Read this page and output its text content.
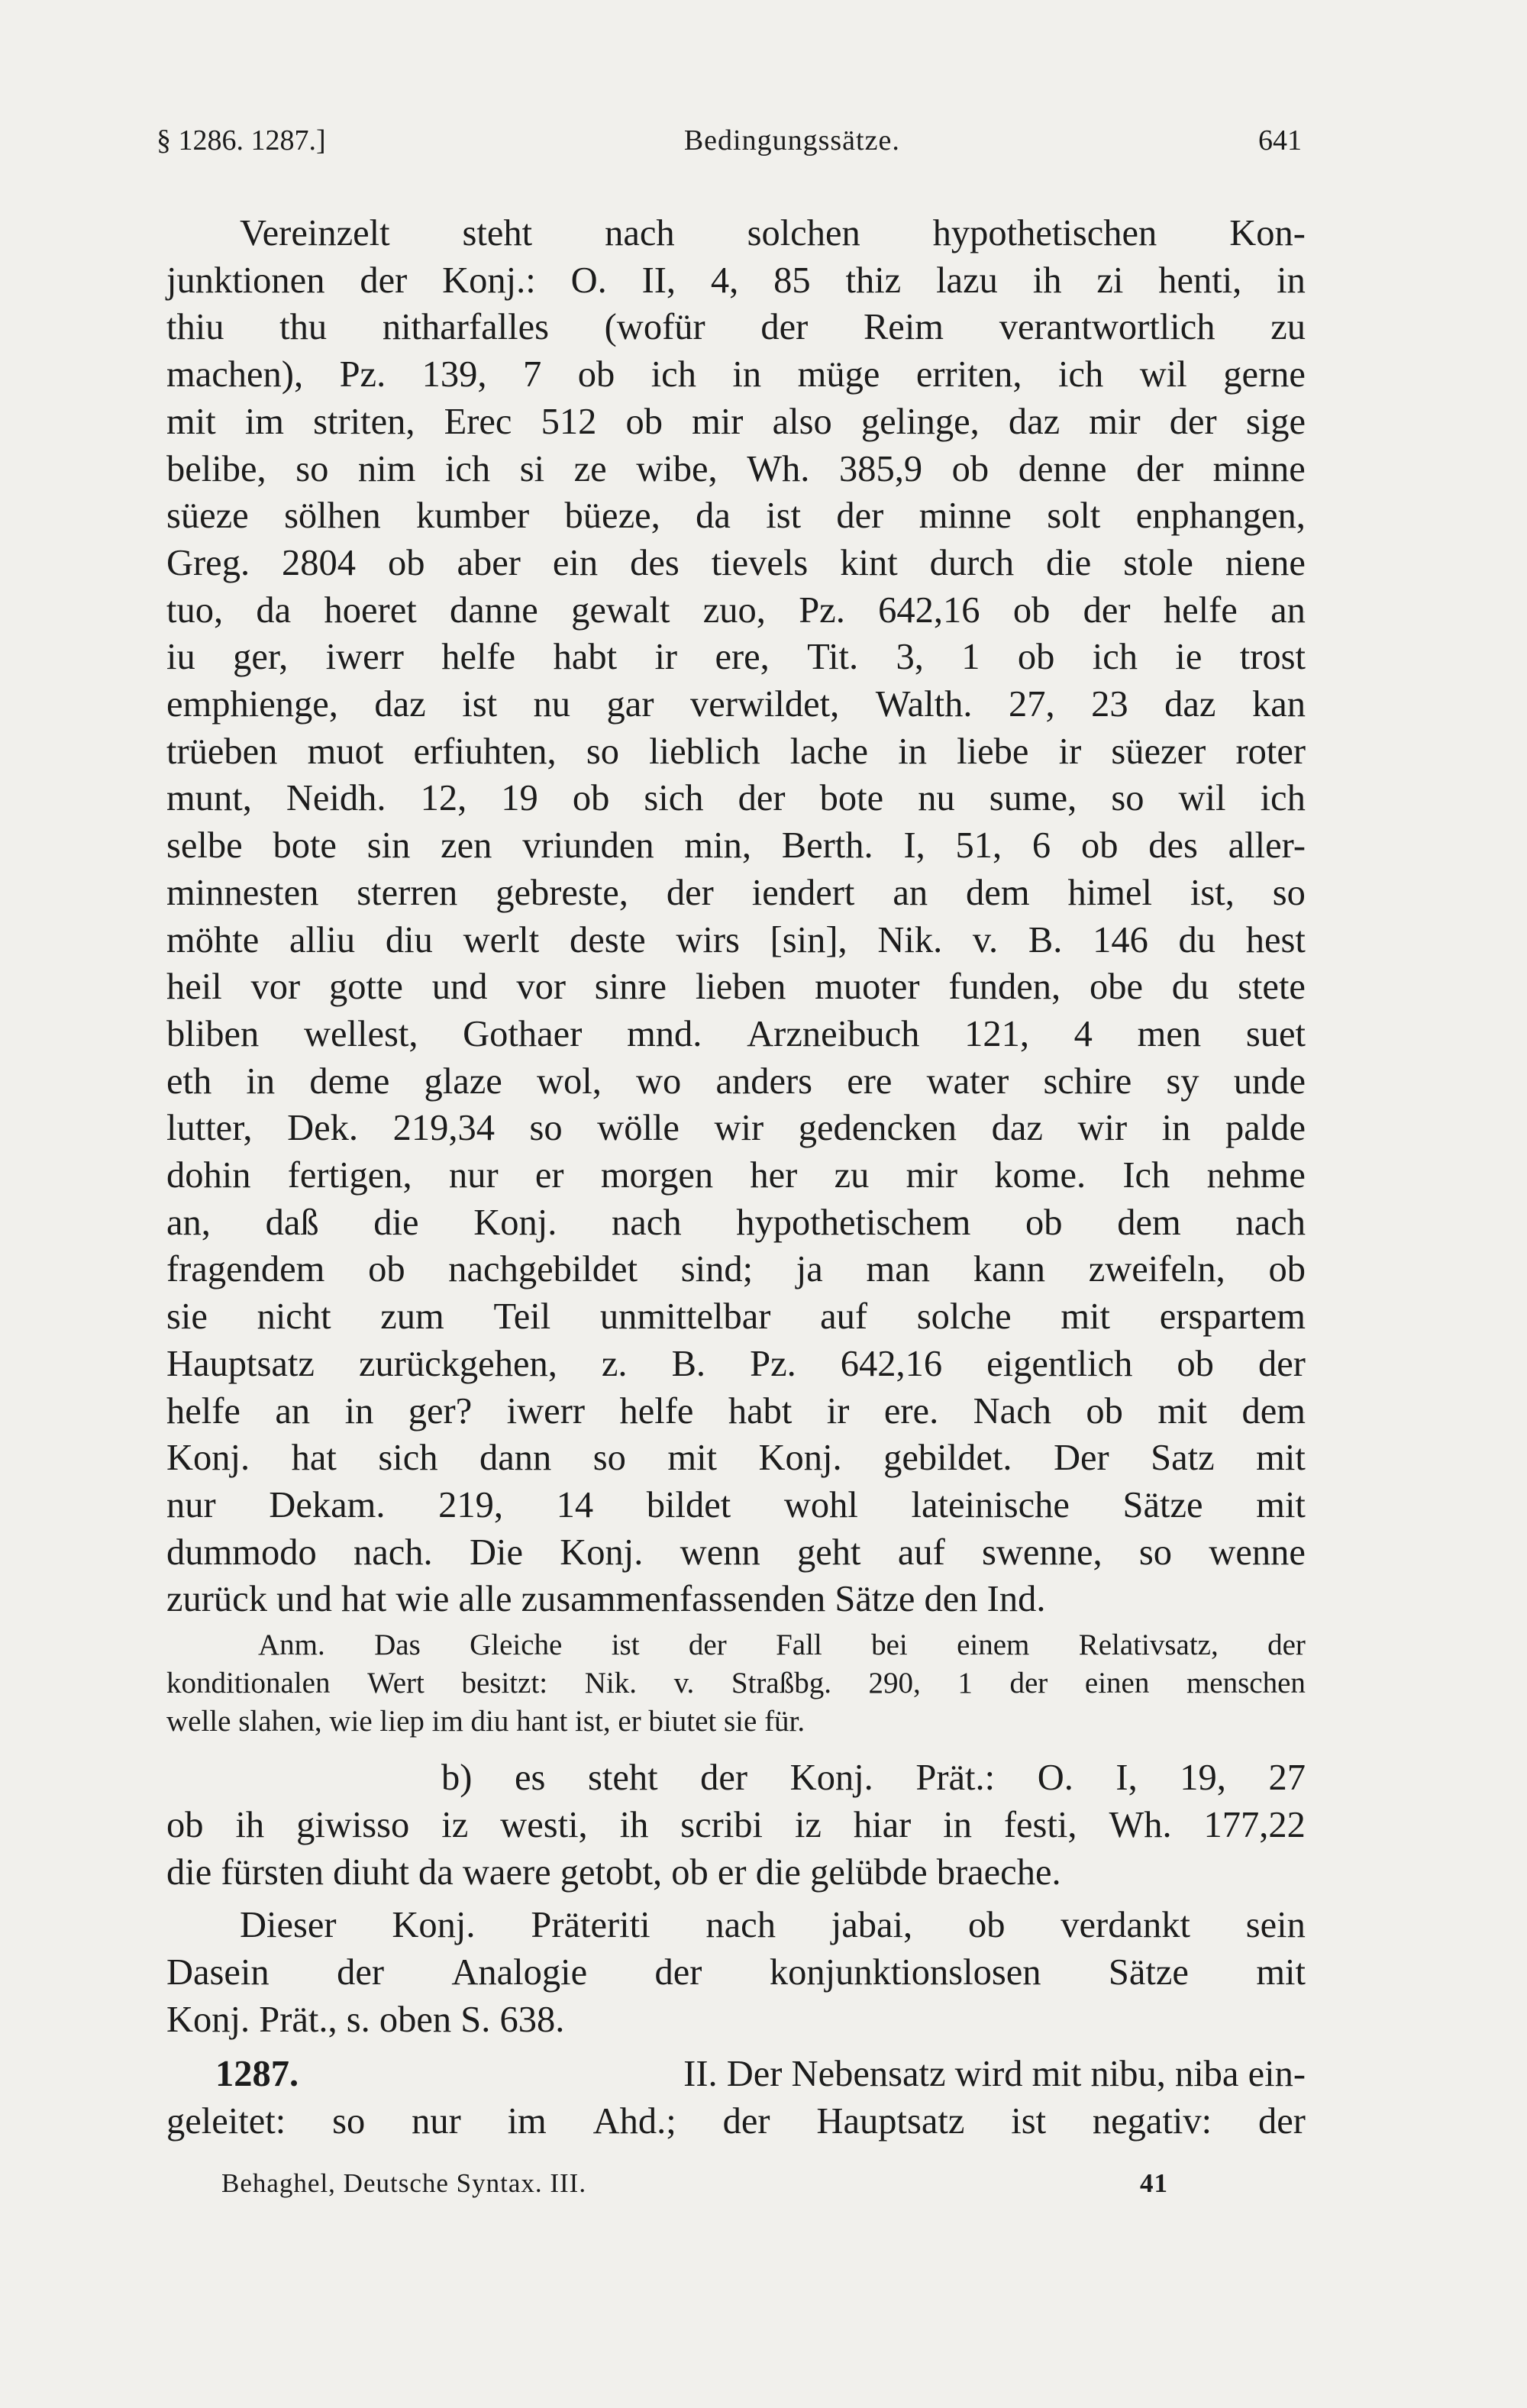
§ 1286. 1287.]	Bedingungssätze.	641
Vereinzelt steht nach solchen hypothetischen Kon-
junktionen der Konj.: O. II, 4, 85 thiz lazu ih zi henti, in
thiu thu nitharfalles (wofür der Reim verantwortlich zu
machen), Pz. 139, 7 ob ich in müge erriten, ich wil gerne
mit im striten, Erec 512 ob mir also gelinge, daz mir der sige
belibe, so nim ich si ze wibe, Wh. 385,9 ob denne der minne
süeze sölhen kumber büeze, da ist der minne solt enphangen,
Greg. 2804 ob aber ein des tievels kint durch die stole niene
tuo, da hoeret danne gewalt zuo, Pz. 642,16 ob der helfe an
iu ger, iwerr helfe habt ir ere, Tit. 3, 1 ob ich ie trost
emphienge, daz ist nu gar verwildet, Walth. 27, 23 daz kan
trüeben muot erfiuhten, so lieblich lache in liebe ir süezer roter
munt, Neidh. 12, 19 ob sich der bote nu sume, so wil ich
selbe bote sin zen vriunden min, Berth. I, 51, 6 ob des aller-
minnesten sterren gebreste, der iendert an dem himel ist, so
möhte alliu diu werlt deste wirs [sin], Nik. v. B. 146 du hest
heil vor gotte und vor sinre lieben muoter funden, obe du stete
bliben wellest, Gothaer mnd. Arzneibuch 121, 4 men suet
eth in deme glaze wol, wo anders ere water schire sy unde
lutter, Dek. 219,34 so wölle wir gedencken daz wir in palde
dohin fertigen, nur er morgen her zu mir kome. Ich nehme
an, daß die Konj. nach hypothetischem ob dem nach
fragendem ob nachgebildet sind; ja man kann zweifeln, ob
sie nicht zum Teil unmittelbar auf solche mit erspartem
Hauptsatz zurückgehen, z. B. Pz. 642,16 eigentlich ob der
helfe an in ger? iwerr helfe habt ir ere. Nach ob mit dem
Konj. hat sich dann so mit Konj. gebildet. Der Satz mit
nur Dekam. 219, 14 bildet wohl lateinische Sätze mit
dummodo nach. Die Konj. wenn geht auf swenne, so wenne
zurück und hat wie alle zusammenfassenden Sätze den Ind.
Anm. Das Gleiche ist der Fall bei einem Relativsatz, der
konditionalen Wert besitzt: Nik. v. Straßbg. 290, 1 der einen menschen
welle slahen, wie liep im diu hant ist, er biutet sie für.
b) es steht der Konj. Prät.: O. I, 19, 27
ob ih giwisso iz westi, ih scribi iz hiar in festi, Wh. 177,22
die fürsten diuht da waere getobt, ob er die gelübde braeche.
Dieser Konj. Präteriti nach jabai, ob verdankt sein
Dasein der Analogie der konjunktionslosen Sätze mit
Konj. Prät., s. oben S. 638.
1287.	II. Der Nebensatz wird mit nibu, niba ein-
geleitet: so nur im Ahd.; der Hauptsatz ist negativ: der
Behaghel, Deutsche Syntax. III.	41
